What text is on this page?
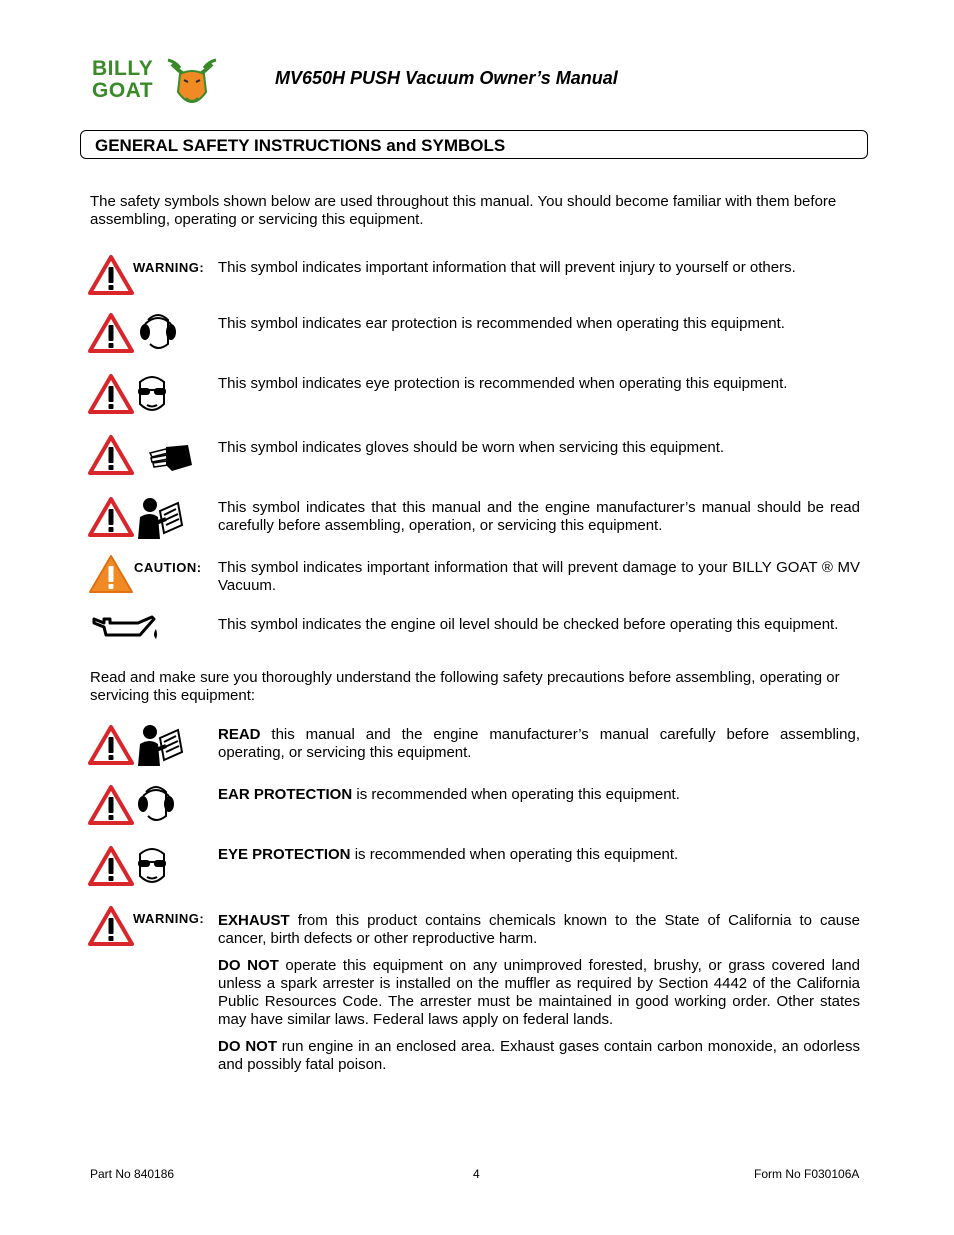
BILLY
GOAT
MV650H PUSH Vacuum Owner’s Manual
GENERAL SAFETY INSTRUCTIONS and SYMBOLS
The safety symbols shown below are used throughout this manual. You should become familiar with them before assembling, operating or servicing this equipment.
WARNING: This symbol indicates important information that will prevent injury to yourself or others.
This symbol indicates ear protection is recommended when operating this equipment.
This symbol indicates eye protection is recommended when operating this equipment.
This symbol indicates gloves should be worn when servicing this equipment.
This symbol indicates that this manual and the engine manufacturer’s manual should be read carefully before assembling, operation, or servicing this equipment.
CAUTION: This symbol indicates important information that will prevent damage to your BILLY GOAT ® MV Vacuum.
This symbol indicates the engine oil level should be checked before operating this equipment.
Read and make sure you thoroughly understand the following safety precautions before assembling, operating or servicing this equipment:
READ this manual and the engine manufacturer’s manual carefully before assembling, operating, or servicing this equipment.
EAR PROTECTION is recommended when operating this equipment.
EYE PROTECTION is recommended when operating this equipment.
WARNING: EXHAUST from this product contains chemicals known to the State of California to cause cancer, birth defects or other reproductive harm.
DO NOT operate this equipment on any unimproved forested, brushy, or grass covered land unless a spark arrester is installed on the muffler as required by Section 4442 of the California Public Resources Code. The arrester must be maintained in good working order. Other states may have similar laws. Federal laws apply on federal lands.
DO NOT run engine in an enclosed area. Exhaust gases contain carbon monoxide, an odorless and possibly fatal poison.
Part No 840186	4	Form No F030106A
